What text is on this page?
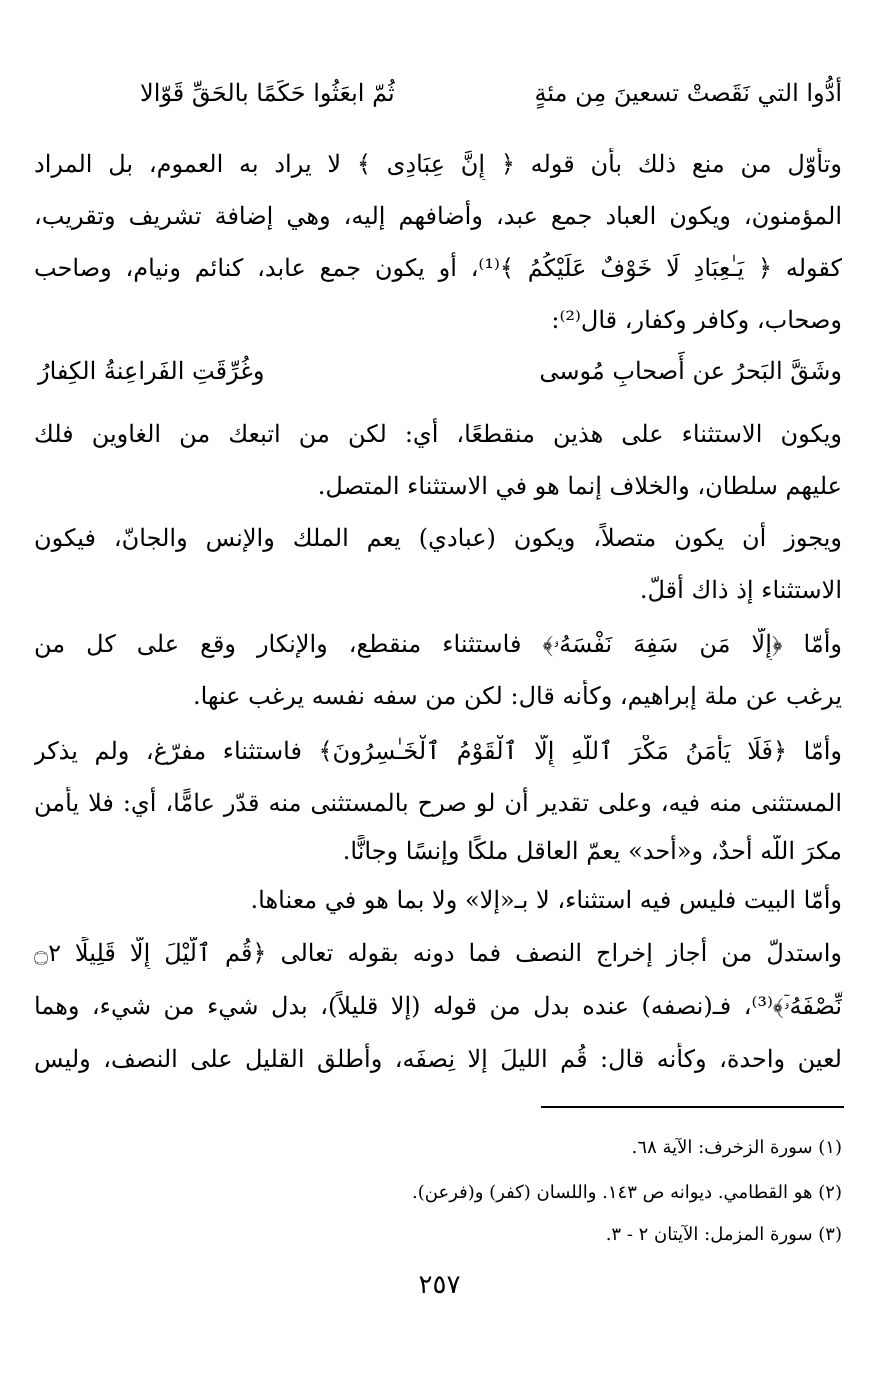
أدُّوا التي نَقَصتْ تسعينَ مِن مئةٍ
ثُمّ ابعَثُوا حَكَمًا بالحَقِّ قَوّالا
وتأوّل من منع ذلك بأن قوله ﴿ إِنَّ عِبَادِى ﴾ لا يراد به العموم، بل المراد
المؤمنون، ويكون العباد جمع عبد، وأضافهم إليه، وهي إضافة تشريف وتقريب،
كقوله ﴿ يَـٰعِبَادِ لَا خَوْفٌ عَلَيْكُمُ ﴾⁽¹⁾، أو يكون جمع عابد، كنائم ونيام، وصاحب
وصحاب، وكافر وكفار، قال⁽²⁾:
وشَقَّ البَحرُ عن أَصحابِ مُوسى
وغُرِّقَتِ الفَراعِنةُ الكِفارُ
ويكون الاستثناء على هذين منقطعًا، أي: لكن من اتبعك من الغاوين فلك
عليهم سلطان، والخلاف إنما هو في الاستثناء المتصل.
ويجوز أن يكون متصلاً، ويكون (عبادي) يعم الملك والإنس والجانّ، فيكون
الاستثناء إذ ذاك أقلّ.
وأمّا ﴿إِلَّا مَن سَفِهَ نَفْسَهُۥ﴾ فاستثناء منقطع، والإنكار وقع على كل من
يرغب عن ملة إبراهيم، وكأنه قال: لكن من سفه نفسه يرغب عنها.
وأمّا ﴿فَلَا يَأْمَنُ مَكْرَ ٱللَّهِ إِلَّا ٱلْقَوْمُ ٱلْخَـٰسِرُونَ﴾ فاستثناء مفرّغ، ولم يذكر
المستثنى منه فيه، وعلى تقدير أن لو صرح بالمستثنى منه قدّر عامًّا، أي: فلا يأمن
مكرَ اللّه أحدٌ، و«أحد» يعمّ العاقل ملكًا وإنسًا وجانًّا.
وأمّا البيت فليس فيه استثناء، لا بـ«إلا» ولا بما هو في معناها.
واستدلّ من أجاز إخراج النصف فما دونه بقوله تعالى ﴿قُمِ ٱلَّيْلَ إِلَّا قَلِيلًا ۝٢
نِّصْفَهُۥٓ﴾⁽³⁾، فـ(نصفه) عنده بدل من قوله (إلا قليلاً)، بدل شيء من شيء، وهما
لعين واحدة، وكأنه قال: قُم الليلَ إلا نِصفَه، وأطلق القليل على النصف، وليس
(١) سورة الزخرف: الآية ٦٨.
(٢) هو القطامي. ديوانه ص ١٤٣. واللسان (كفر) و(فرعن).
(٣) سورة المزمل: الآيتان ٢ - ٣.
٢٥٧
